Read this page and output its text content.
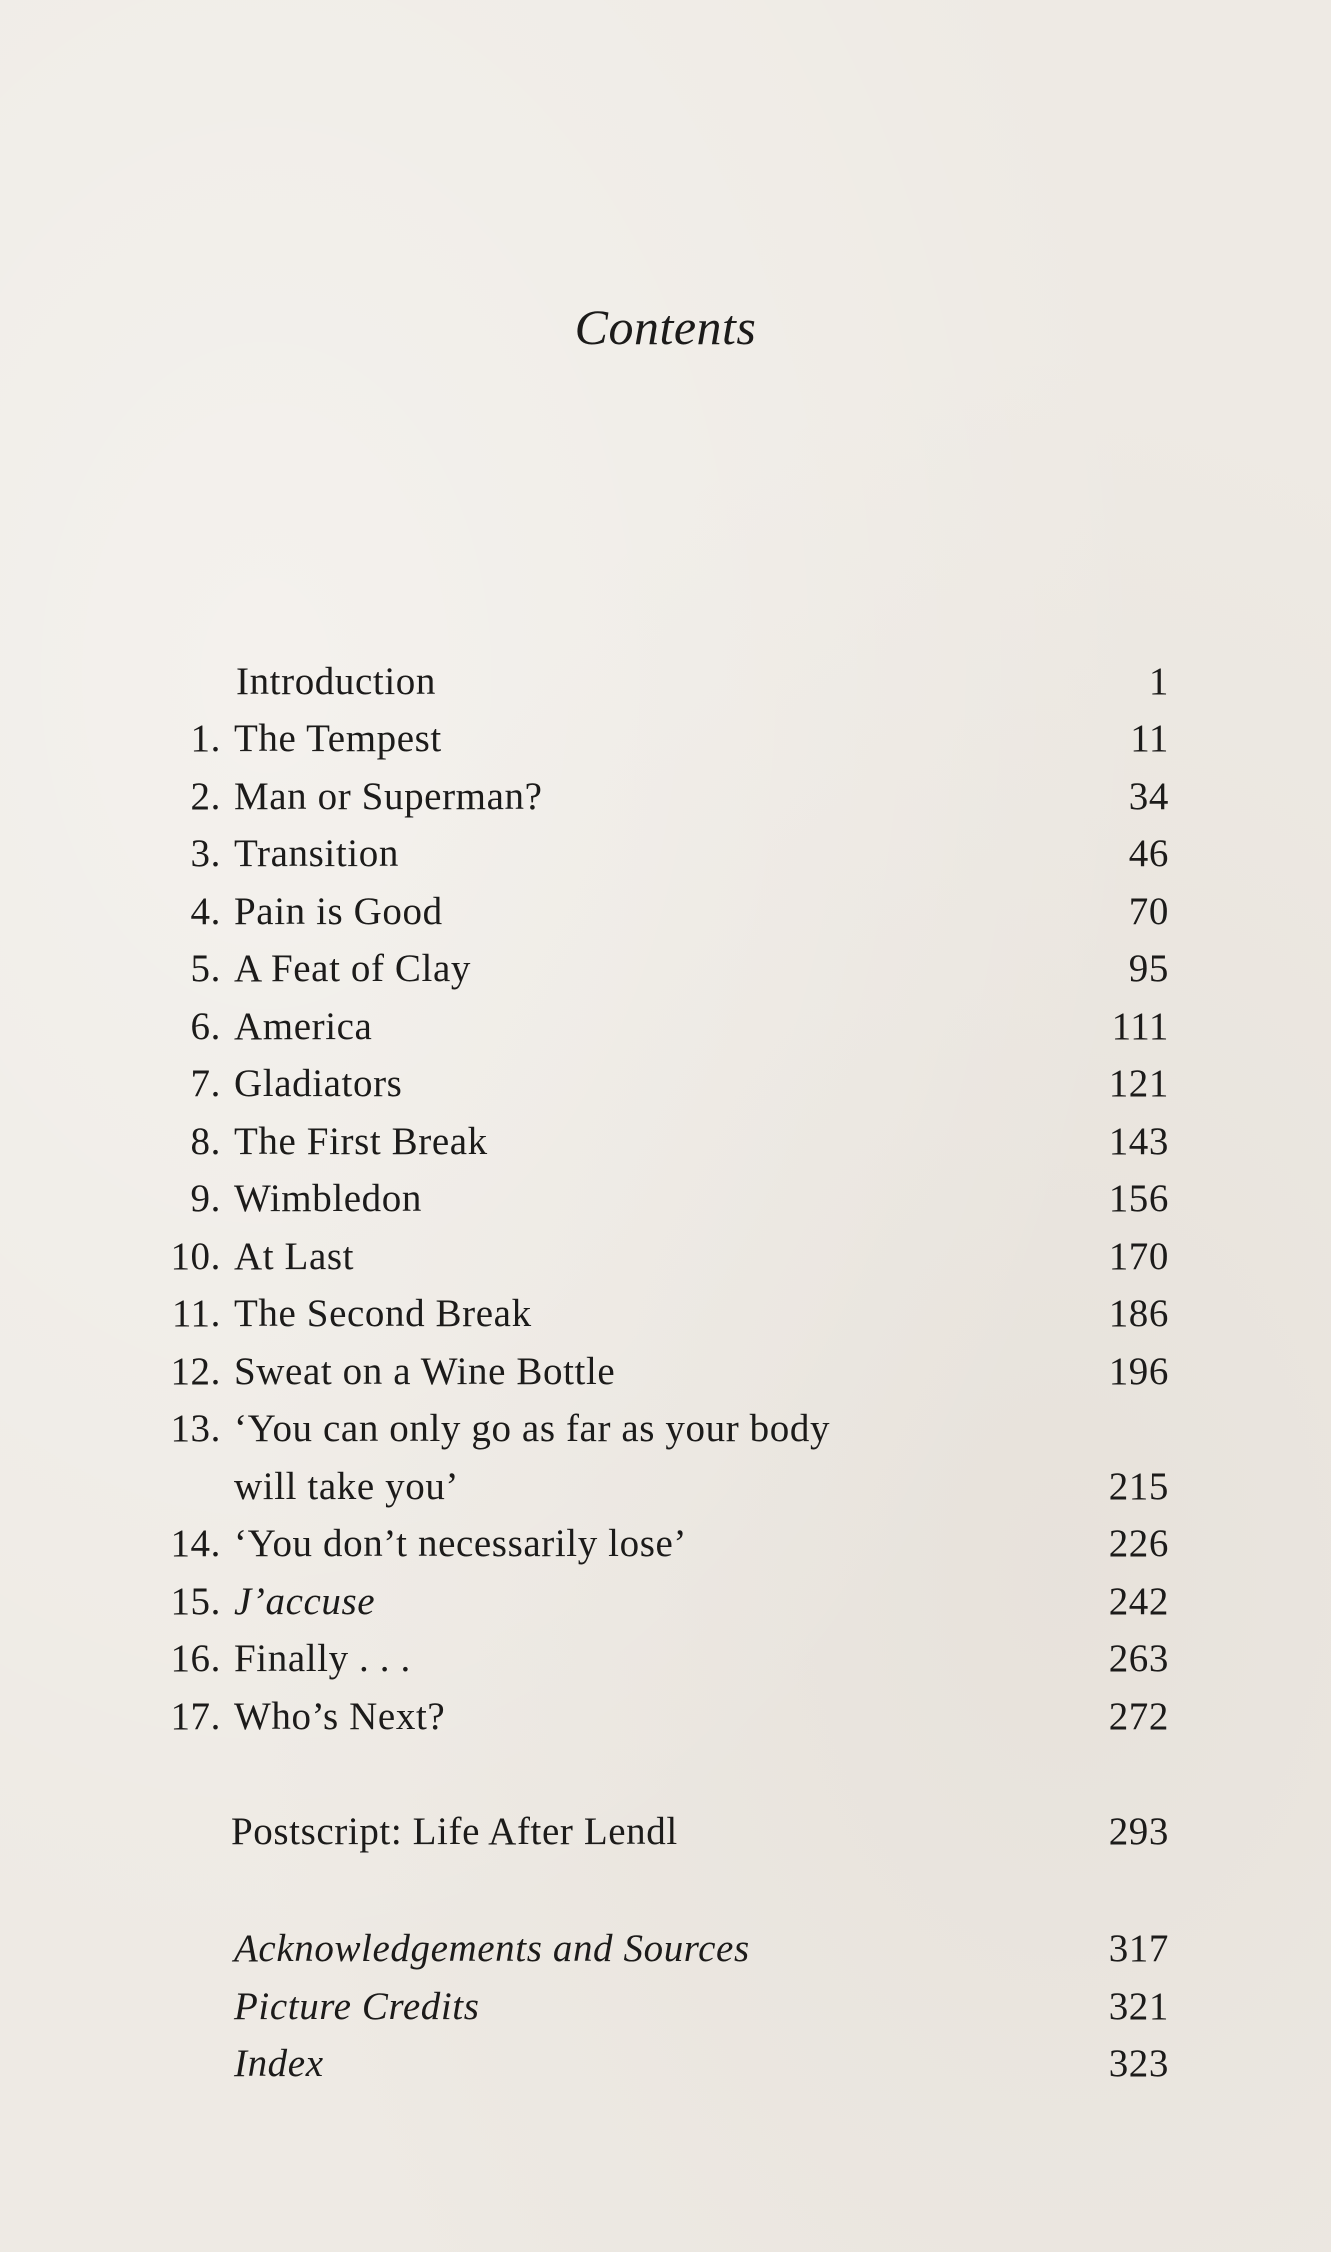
Contents
Introduction	1
1. The Tempest	11
2. Man or Superman?	34
3. Transition	46
4. Pain is Good	70
5. A Feat of Clay	95
6. America	111
7. Gladiators	121
8. The First Break	143
9. Wimbledon	156
10. At Last	170
11. The Second Break	186
12. Sweat on a Wine Bottle	196
13. ‘You can only go as far as your body
will take you’	215
14. ‘You don’t necessarily lose’	226
15. J’accuse	242
16. Finally . . .	263
17. Who’s Next?	272
Postscript: Life After Lendl	293
Acknowledgements and Sources	317
Picture Credits	321
Index	323
